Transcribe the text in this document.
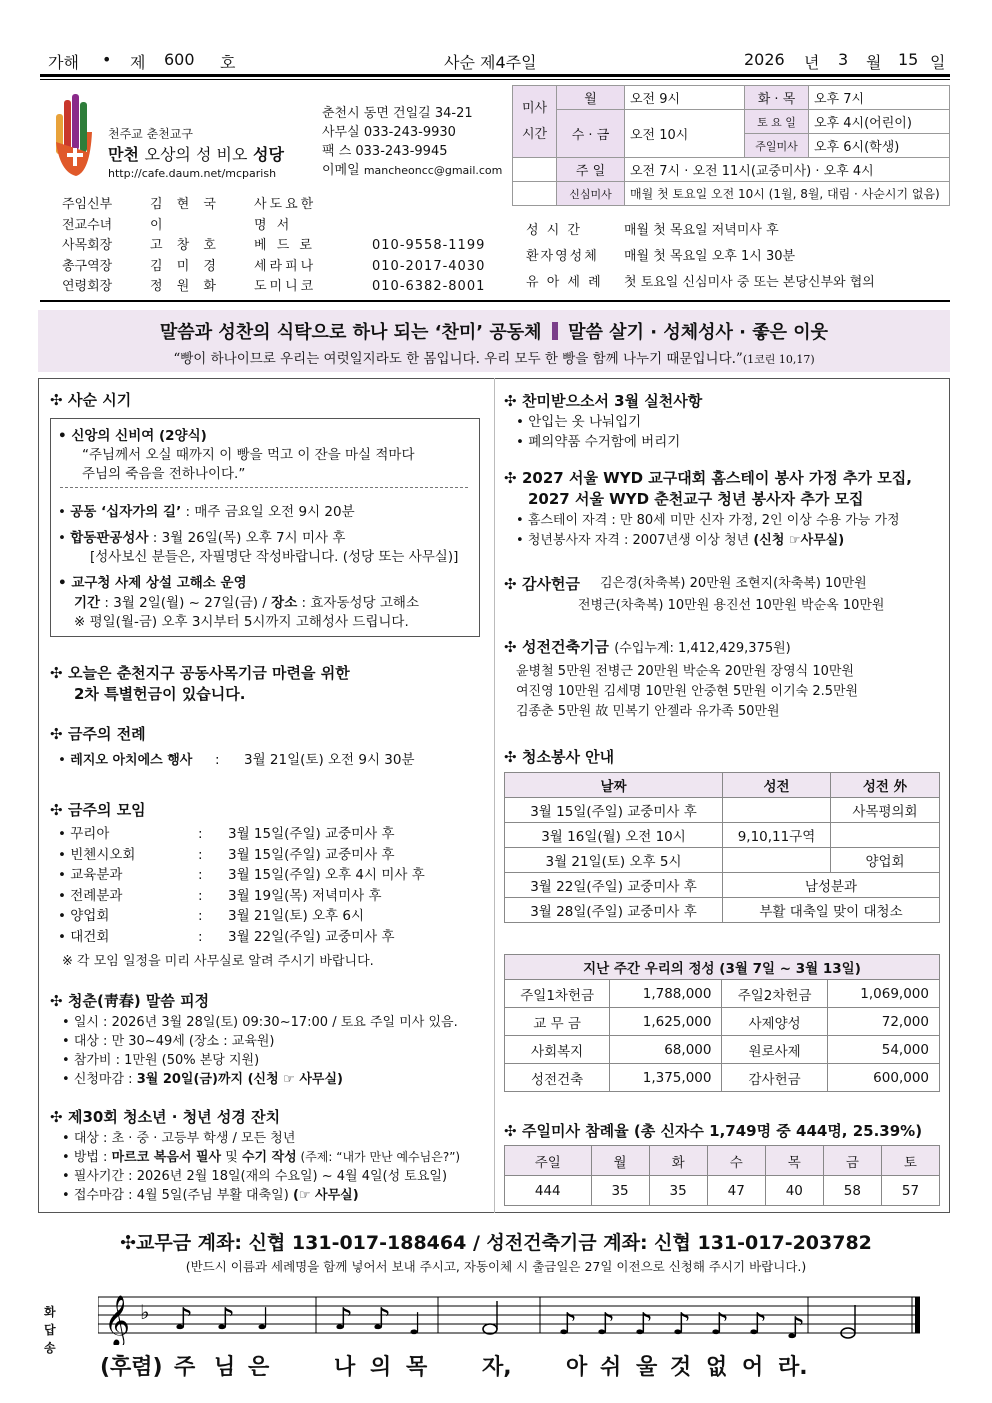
가해 • 제 600 호	사순 제4주일	2026 년 3 월 15 일
천주교 춘천교구
만천 오상의 성 비오 성당
http://cafe.daum.net/mcparish
춘천시 동면 건일길 34-21
사무실 033-243-9930
팩 스 033-243-9945
이메일 mancheoncc@gmail.com
주임신부	김 현 국	사도요한
전교수녀	이	명 서
사목회장	고 창 호	베 드 로	010-9558-1199
총구역장	김 미 경	세라피나	010-2017-4030
연령회장	정 원 화	도미니코	010-6382-8001
미사
시간	월	오전 9시	화 · 목	오후 7시
	수 · 금	오전 10시	토 요 일	오후 4시(어린이)
			주일미사	오후 6시(학생)
	주 일	오전 7시 · 오전 11시(교중미사) · 오후 4시		
	신심미사	매월 첫 토요일 오전 10시 (1월, 8월, 대림 · 사순시기 없음)		
성 시 간	매월 첫 목요일 저녁미사 후
환자영성체	매월 첫 목요일 오후 1시 30분
유 아 세 례	첫 토요일 신심미사 중 또는 본당신부와 협의
말씀과 성찬의 식탁으로 하나 되는 ‘찬미’ 공동체 말씀 살기 · 성체성사 · 좋은 이웃
“빵이 하나이므로 우리는 여럿일지라도 한 몸입니다. 우리 모두 한 빵을 함께 나누기 때문입니다.”(1코린 10,17)
✣ 사순 시기
• 신앙의 신비여 (2양식)
“주님께서 오실 때까지 이 빵을 먹고 이 잔을 마실 적마다
주님의 죽음을 전하나이다.”
• 공동 ‘십자가의 길’ : 매주 금요일 오전 9시 20분
• 합동판공성사 : 3월 26일(목) 오후 7시 미사 후
[성사보신 분들은, 자필명단 작성바랍니다. (성당 또는 사무실)]
• 교구청 사제 상설 고해소 운영
기간 : 3월 2일(월) ~ 27일(금) / 장소 : 효자동성당 고해소
※ 평일(월-금) 오후 3시부터 5시까지 고해성사 드립니다.
✣ 오늘은 춘천지구 공동사목기금 마련을 위한
2차 특별헌금이 있습니다.
✣ 금주의 전례
• 레지오 아치에스 행사 : 3월 21일(토) 오전 9시 30분
✣ 금주의 모임
• 꾸리아	:	3월 15일(주일) 교중미사 후
• 빈첸시오회	:	3월 15일(주일) 교중미사 후
• 교육분과	:	3월 15일(주일) 오후 4시 미사 후
• 전례분과	:	3월 19일(목) 저녁미사 후
• 양업회	:	3월 21일(토) 오후 6시
• 대건회	:	3월 22일(주일) 교중미사 후
※ 각 모임 일정을 미리 사무실로 알려 주시기 바랍니다.
✣ 청춘(靑春) 말씀 피정
• 일시 : 2026년 3월 28일(토) 09:30~17:00 / 토요 주일 미사 있음.
• 대상 : 만 30~49세 (장소 : 교육원)
• 참가비 : 1만원 (50% 본당 지원)
• 신청마감 : 3월 20일(금)까지 (신청 ☞ 사무실)
✣ 제30회 청소년 · 청년 성경 잔치
• 대상 : 초 · 중 · 고등부 학생 / 모든 청년
• 방법 : 마르코 복음서 필사 및 수기 작성 (주제: “내가 만난 예수님은?”)
• 필사기간 : 2026년 2월 18일(재의 수요일) ~ 4월 4일(성 토요일)
• 접수마감 : 4월 5일(주님 부활 대축일) (☞ 사무실)
✣ 찬미받으소서 3월 실천사항
• 안입는 옷 나눠입기
• 폐의약품 수거함에 버리기
✣ 2027 서울 WYD 교구대회 홈스테이 봉사 가정 추가 모집,
2027 서울 WYD 춘천교구 청년 봉사자 추가 모집
• 홈스테이 자격 : 만 80세 미만 신자 가정, 2인 이상 수용 가능 가정
• 청년봉사자 자격 : 2007년생 이상 청년 (신청 ☞사무실)
✣ 감사헌금 김은경(차축복) 20만원 조현지(차축복) 10만원
전병근(차축복) 10만원 용진선 10만원 박순옥 10만원
✣ 성전건축기금 (수입누계: 1,412,429,375원)
윤병철 5만원 전병근 20만원 박순옥 20만원 장영식 10만원
여진영 10만원 김세명 10만원 안중현 5만원 이기숙 2.5만원
김종춘 5만원 故 민복기 안젤라 유가족 50만원
✣ 청소봉사 안내
날짜	성전	성전 外
3월 15일(주일) 교중미사 후		사목평의회
3월 16일(월) 오전 10시	9,10,11구역	
3월 21일(토) 오후 5시		양업회
3월 22일(주일) 교중미사 후	남성분과	
3월 28일(주일) 교중미사 후	부활 대축일 맞이 대청소	
지난 주간 우리의 정성 (3월 7일 ~ 3월 13일)			
주일1차헌금	1,788,000	주일2차헌금	1,069,000
교 무 금	1,625,000	사제양성	72,000
사회복지	68,000	원로사제	54,000
성전건축	1,375,000	감사헌금	600,000
✣ 주일미사 참례율 (총 신자수 1,749명 중 444명, 25.39%)
주일	월	화	수	목	금	토
444	35	35	47	40	58	57
✣교무금 계좌: 신협 131-017-188464 / 성전건축기금 계좌: 신협 131-017-203782
(반드시 이름과 세례명을 함께 넣어서 보내 주시고, 자동이체 시 출금일은 27일 이전으로 신청해 주시기 바랍니다.)
화
답
송
𝄞 ♭ ♪ ♪ ♩ ♪ ♪ ♩	♪ ♪ ♪ ♪ ♪ ♪ ♪
(후렴) 주 님 은	나 의 목 자, 아 쉬 울 것 없 어 라.
